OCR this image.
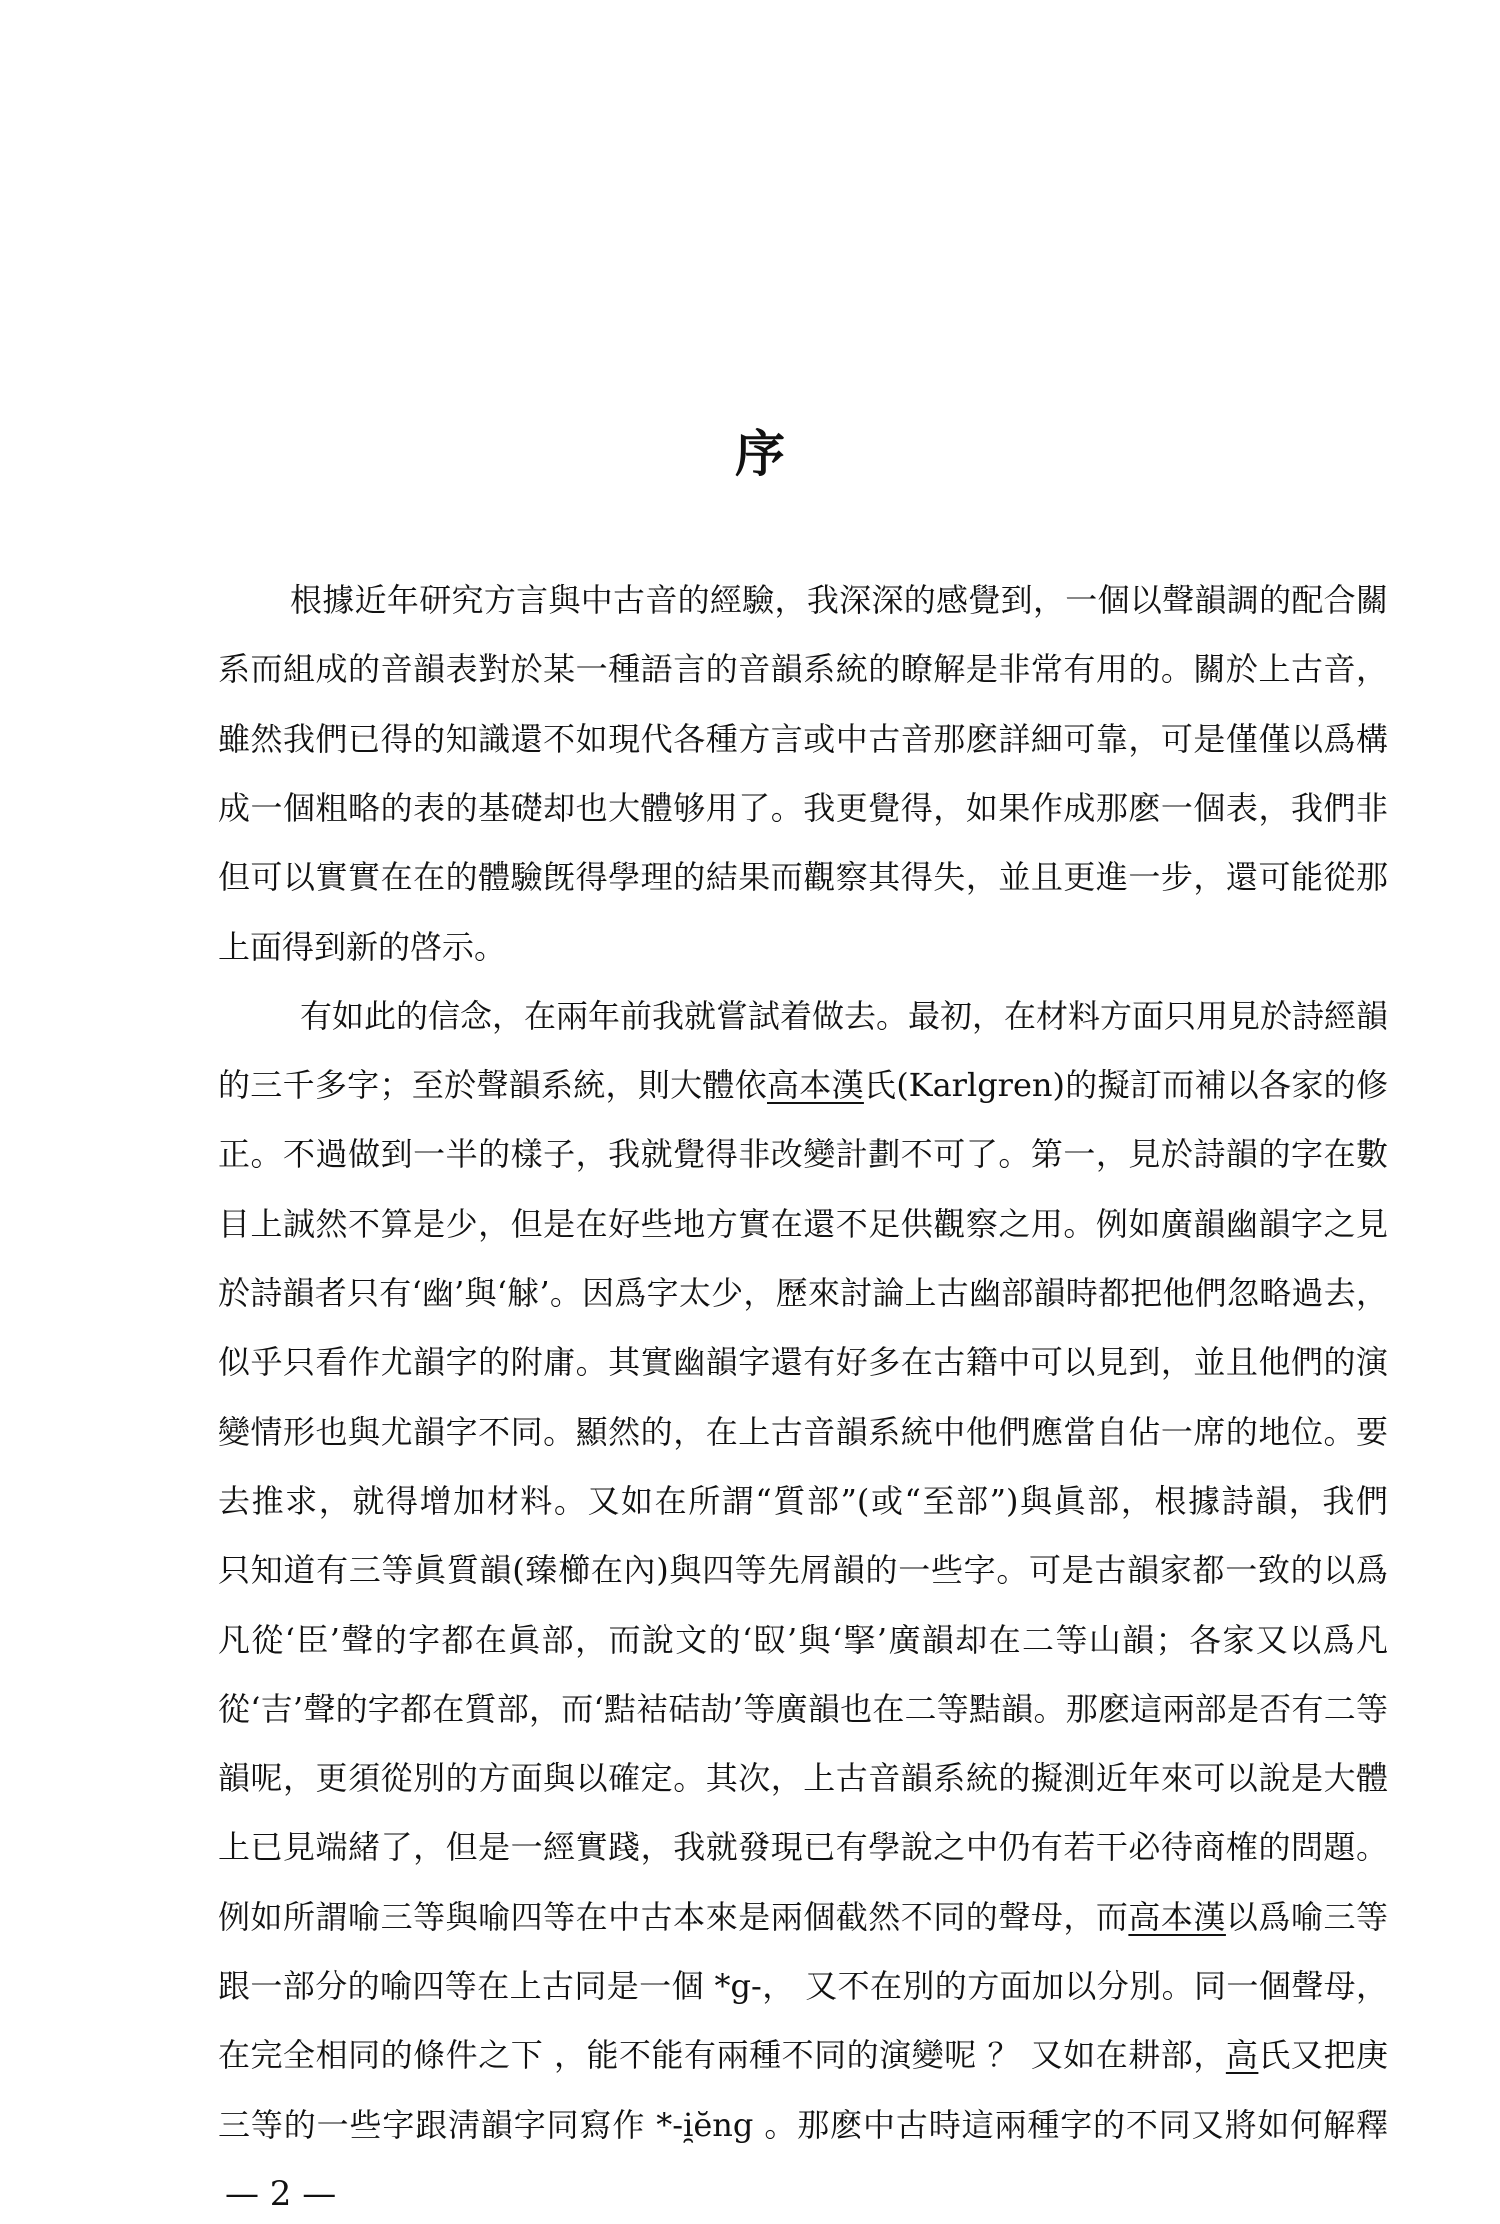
序
根據近年研究方言與中古音的經驗，我深深的感覺到，一個以聲韻調的配合關
系而組成的音韻表對於某一種語言的音韻系統的瞭解是非常有用的。關於上古音，
雖然我們已得的知識還不如現代各種方言或中古音那麽詳細可靠，可是僅僅以爲構
成一個粗略的表的基礎却也大體够用了。我更覺得，如果作成那麽一個表，我們非
但可以實實在在的體驗旣得學理的結果而觀察其得失，並且更進一步，還可能從那
上面得到新的啓示。
有如此的信念，在兩年前我就嘗試着做去。最初，在材料方面只用見於詩經韻
的三千多字；至於聲韻系統，則大體依高本漢氏(Karlgren)的擬訂而補以各家的修
正。不過做到一半的樣子，我就覺得非改變計劃不可了。第一，見於詩韻的字在數
目上誠然不算是少，但是在好些地方實在還不足供觀察之用。例如廣韻幽韻字之見
於詩韻者只有‘幽’與‘觩’。因爲字太少，歷來討論上古幽部韻時都把他們忽略過去，
似乎只看作尤韻字的附庸。其實幽韻字還有好多在古籍中可以見到，並且他們的演
變情形也與尤韻字不同。顯然的，在上古音韻系統中他們應當自佔一席的地位。要
去推求，就得增加材料。又如在所謂“質部”(或“至部”)與眞部，根據詩韻，我們
只知道有三等眞質韻(臻櫛在內)與四等先屑韻的一些字。可是古韻家都一致的以爲
凡從‘臣’聲的字都在眞部，而說文的‘臤’與‘掔’廣韻却在二等山韻；各家又以爲凡
從‘吉’聲的字都在質部，而‘黠袺硈劼’等廣韻也在二等黠韻。那麽這兩部是否有二等
韻呢，更須從別的方面與以確定。其次，上古音韻系統的擬測近年來可以說是大體
上已見端緒了，但是一經實踐，我就發現已有學說之中仍有若干必待商榷的問題。
例如所謂喻三等與喻四等在中古本來是兩個截然不同的聲母，而高本漢以爲喻三等
跟一部分的喻四等在上古同是一個 *g-， 又不在別的方面加以分別。同一個聲母，
在完全相同的條件之下 ，能不能有兩種不同的演變呢 ？ 又如在耕部，高氏又把庚
三等的一些字跟淸韻字同寫作 *-i̯ĕng 。那麽中古時這兩種字的不同又將如何解釋
— 2 —
